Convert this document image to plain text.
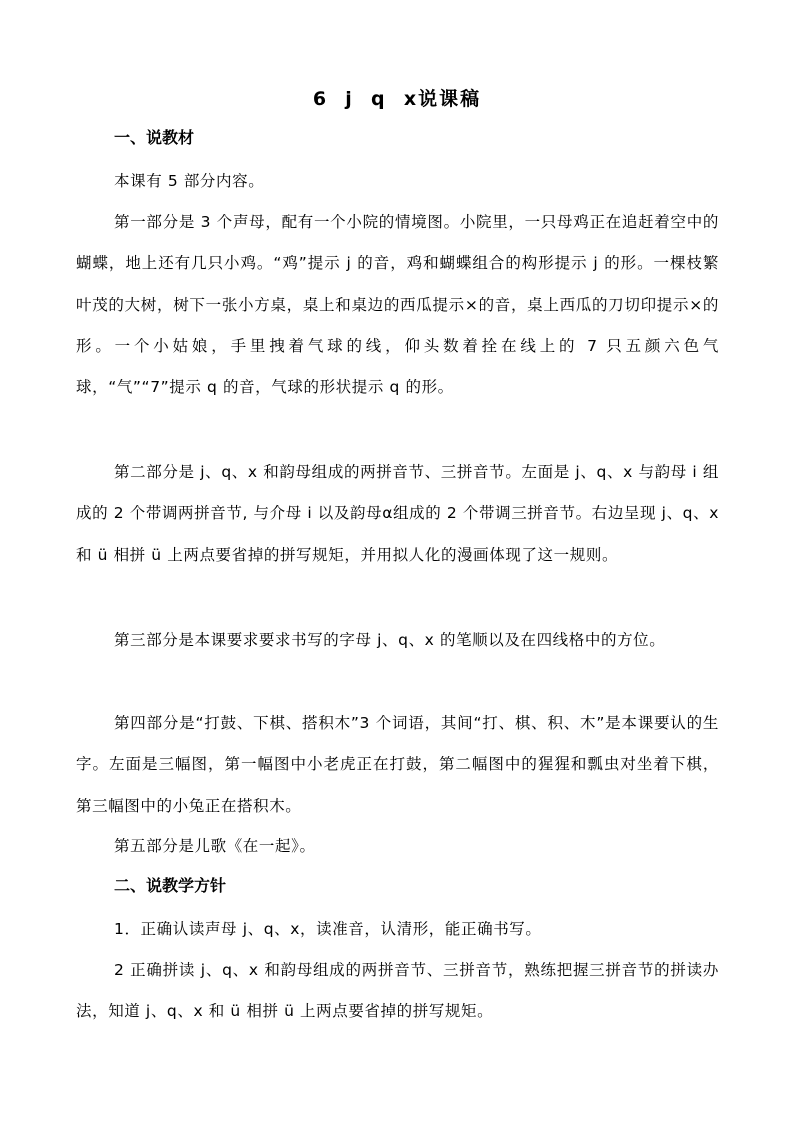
6  j  q  x说课稿
一、说教材
本课有 5 部分内容。
第一部分是 3 个声母，配有一个小院的情境图。小院里，一只母鸡正在追赶着空中的蝴蝶，地上还有几只小鸡。“鸡”提示 j 的音，鸡和蝴蝶组合的构形提示 j 的形。一棵枝繁叶茂的大树，树下一张小方桌，桌上和桌边的西瓜提示×的音，桌上西瓜的刀切印提示×的形。一个小姑娘，手里拽着气球的线，仰头数着拴在线上的 7 只五颜六色气球，“气”“7”提示 q 的音，气球的形状提示 q 的形。
第二部分是 j、q、x 和韵母组成的两拼音节、三拼音节。左面是 j、q、x 与韵母 i 组成的 2 个带调两拼音节, 与介母 i 以及韵母α组成的 2 个带调三拼音节。右边呈现 j、q、x 和 ü 相拼 ü 上两点要省掉的拼写规矩，并用拟人化的漫画体现了这一规则。
第三部分是本课要求要求书写的字母 j、q、x 的笔顺以及在四线格中的方位。
第四部分是“打鼓、下棋、搭积木”3 个词语，其间“打、棋、积、木”是本课要认的生字。左面是三幅图，第一幅图中小老虎正在打鼓，第二幅图中的猩猩和瓢虫对坐着下棋，第三幅图中的小兔正在搭积木。
第五部分是儿歌《在一起》。
二、说教学方针
1．正确认读声母 j、q、x，读准音，认清形，能正确书写。
2 正确拼读 j、q、x 和韵母组成的两拼音节、三拼音节，熟练把握三拼音节的拼读办法，知道 j、q、x 和 ü 相拼 ü 上两点要省掉的拼写规矩。
